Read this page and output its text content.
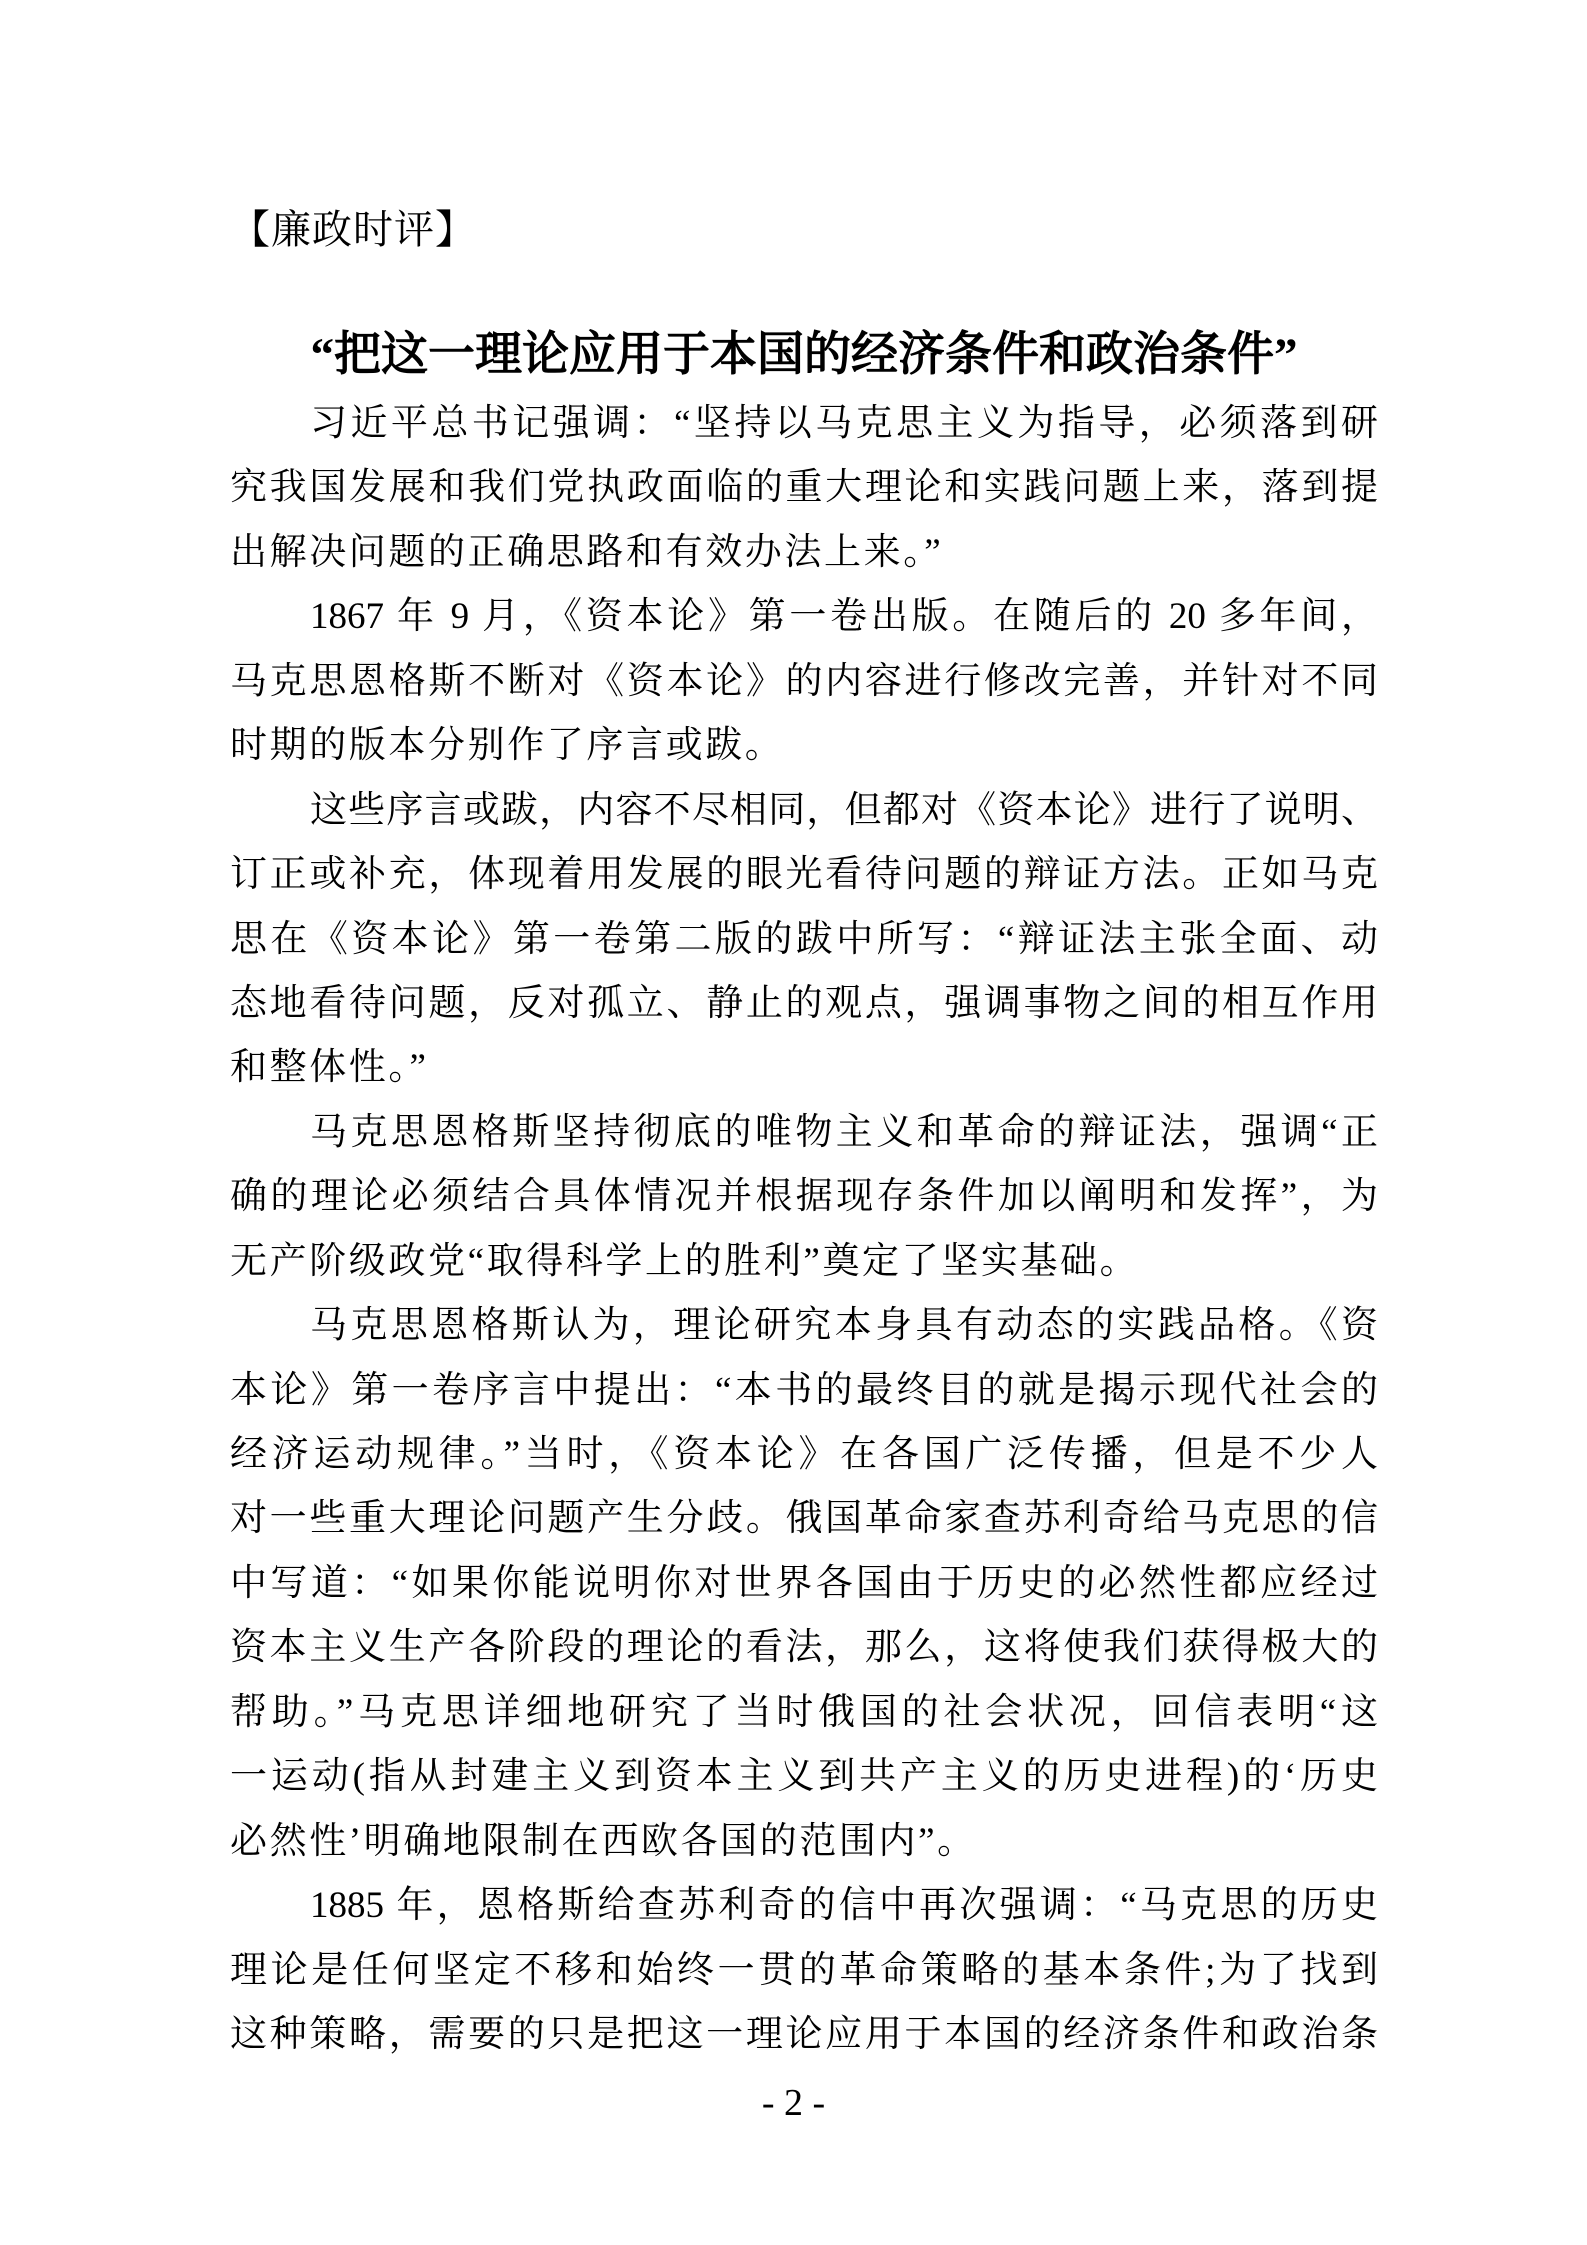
【廉政时评】
“把这一理论应用于本国的经济条件和政治条件”
习近平总书记强调：“坚持以马克思主义为指导，必须落到研
究我国发展和我们党执政面临的重大理论和实践问题上来，落到提
出解决问题的正确思路和有效办法上来。”
1867 年 9 月，《资本论》第一卷出版。在随后的 20 多年间，
马克思恩格斯不断对《资本论》的内容进行修改完善，并针对不同
时期的版本分别作了序言或跋。
这些序言或跋，内容不尽相同，但都对《资本论》进行了说明、
订正或补充，体现着用发展的眼光看待问题的辩证方法。正如马克
思在《资本论》第一卷第二版的跋中所写：“辩证法主张全面、动
态地看待问题，反对孤立、静止的观点，强调事物之间的相互作用
和整体性。”
马克思恩格斯坚持彻底的唯物主义和革命的辩证法，强调“正
确的理论必须结合具体情况并根据现存条件加以阐明和发挥”，为
无产阶级政党“取得科学上的胜利”奠定了坚实基础。
马克思恩格斯认为，理论研究本身具有动态的实践品格。《资
本论》第一卷序言中提出：“本书的最终目的就是揭示现代社会的
经济运动规律。”当时，《资本论》在各国广泛传播，但是不少人
对一些重大理论问题产生分歧。俄国革命家查苏利奇给马克思的信
中写道：“如果你能说明你对世界各国由于历史的必然性都应经过
资本主义生产各阶段的理论的看法，那么，这将使我们获得极大的
帮助。”马克思详细地研究了当时俄国的社会状况，回信表明“这
一运动(指从封建主义到资本主义到共产主义的历史进程)的‘历史
必然性’明确地限制在西欧各国的范围内”。
1885 年，恩格斯给查苏利奇的信中再次强调：“马克思的历史
理论是任何坚定不移和始终一贯的革命策略的基本条件;为了找到
这种策略，需要的只是把这一理论应用于本国的经济条件和政治条
- 2 -
